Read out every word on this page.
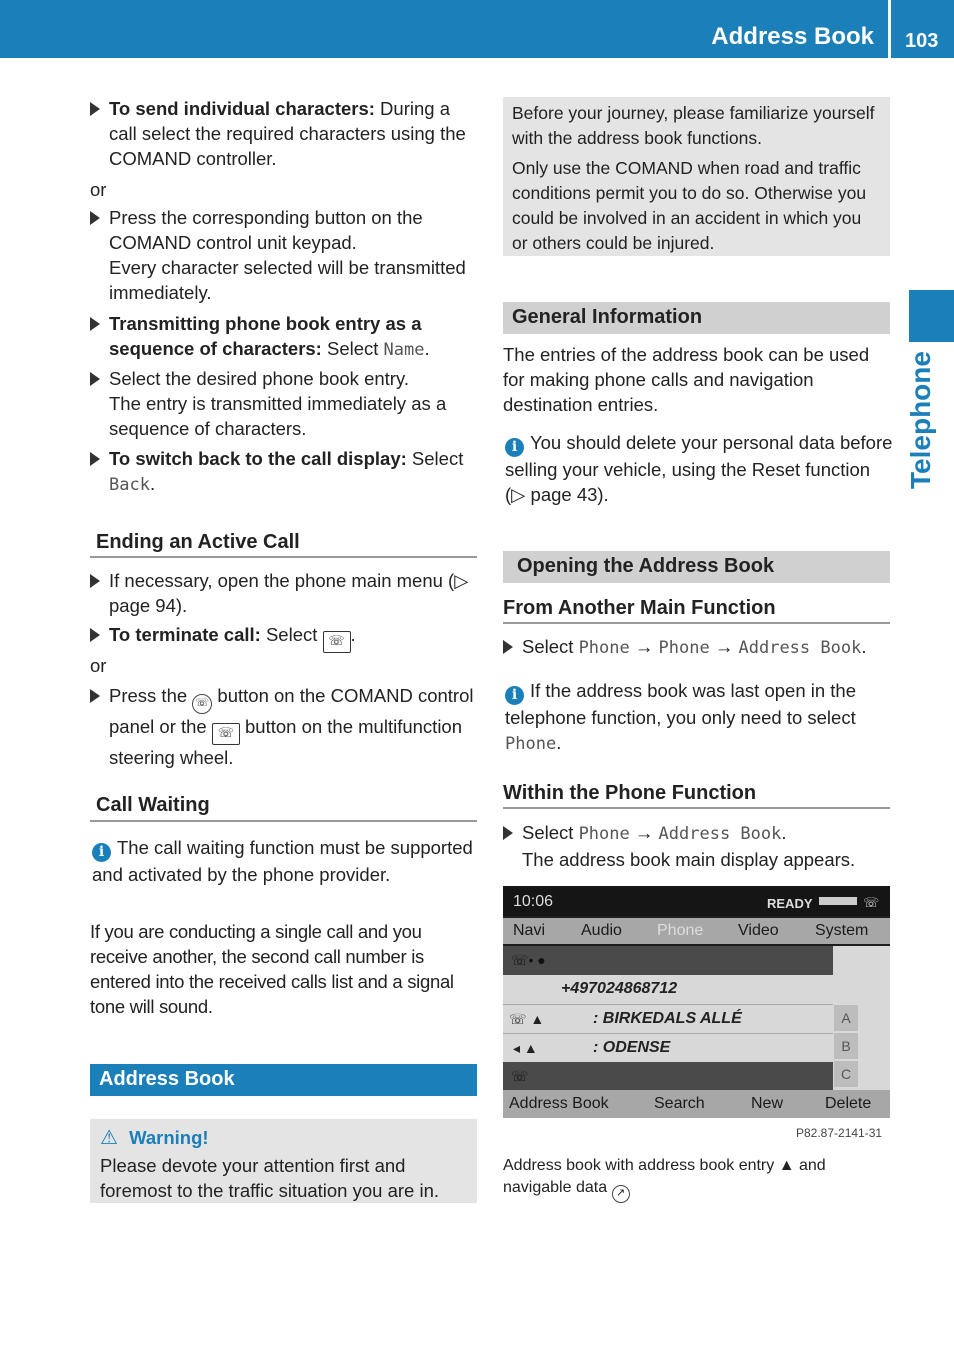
Address Book 103
Telephone
To send individual characters: During a call select the required characters using the COMAND controller.
or
Press the corresponding button on the COMAND control unit keypad.
Every character selected will be transmitted immediately.
Transmitting phone book entry as a sequence of characters: Select Name.
Select the desired phone book entry.
The entry is transmitted immediately as a sequence of characters.
To switch back to the call display: Select Back.
Ending an Active Call
If necessary, open the phone main menu (▷ page 94).
To terminate call: Select ☏ .
or
Press the ☏ button on the COMAND control panel or the ☏ button on the multifunction steering wheel.
Call Waiting
i The call waiting function must be supported and activated by the phone provider.
If you are conducting a single call and you receive another, the second call number is entered into the received calls list and a signal tone will sound.
Address Book
⚠ Warning!
Please devote your attention first and foremost to the traffic situation you are in.
Before your journey, please familiarize yourself with the address book functions.
Only use the COMAND when road and traffic conditions permit you to do so. Otherwise you could be involved in an accident in which you or others could be injured.
General Information
The entries of the address book can be used for making phone calls and navigation destination entries.
i You should delete your personal data before selling your vehicle, using the Reset function (▷ page 43).
Opening the Address Book
From Another Main Function
Select Phone → Phone → Address Book.
i If the address book was last open in the telephone function, you only need to select Phone.
Within the Phone Function
Select Phone → Address Book.
The address book main display appears.
10:06	READY	☏
Navi Audio Phone Video System
☏• ●
+497024868712
☏ ▲	: BIRKEDALS ALLÉ
◂ ▲	: ODENSE
☏
A
B
C
Address Book	Search	New	Delete
P82.87-2141-31
Address book with address book entry ▲ and navigable data ↗
